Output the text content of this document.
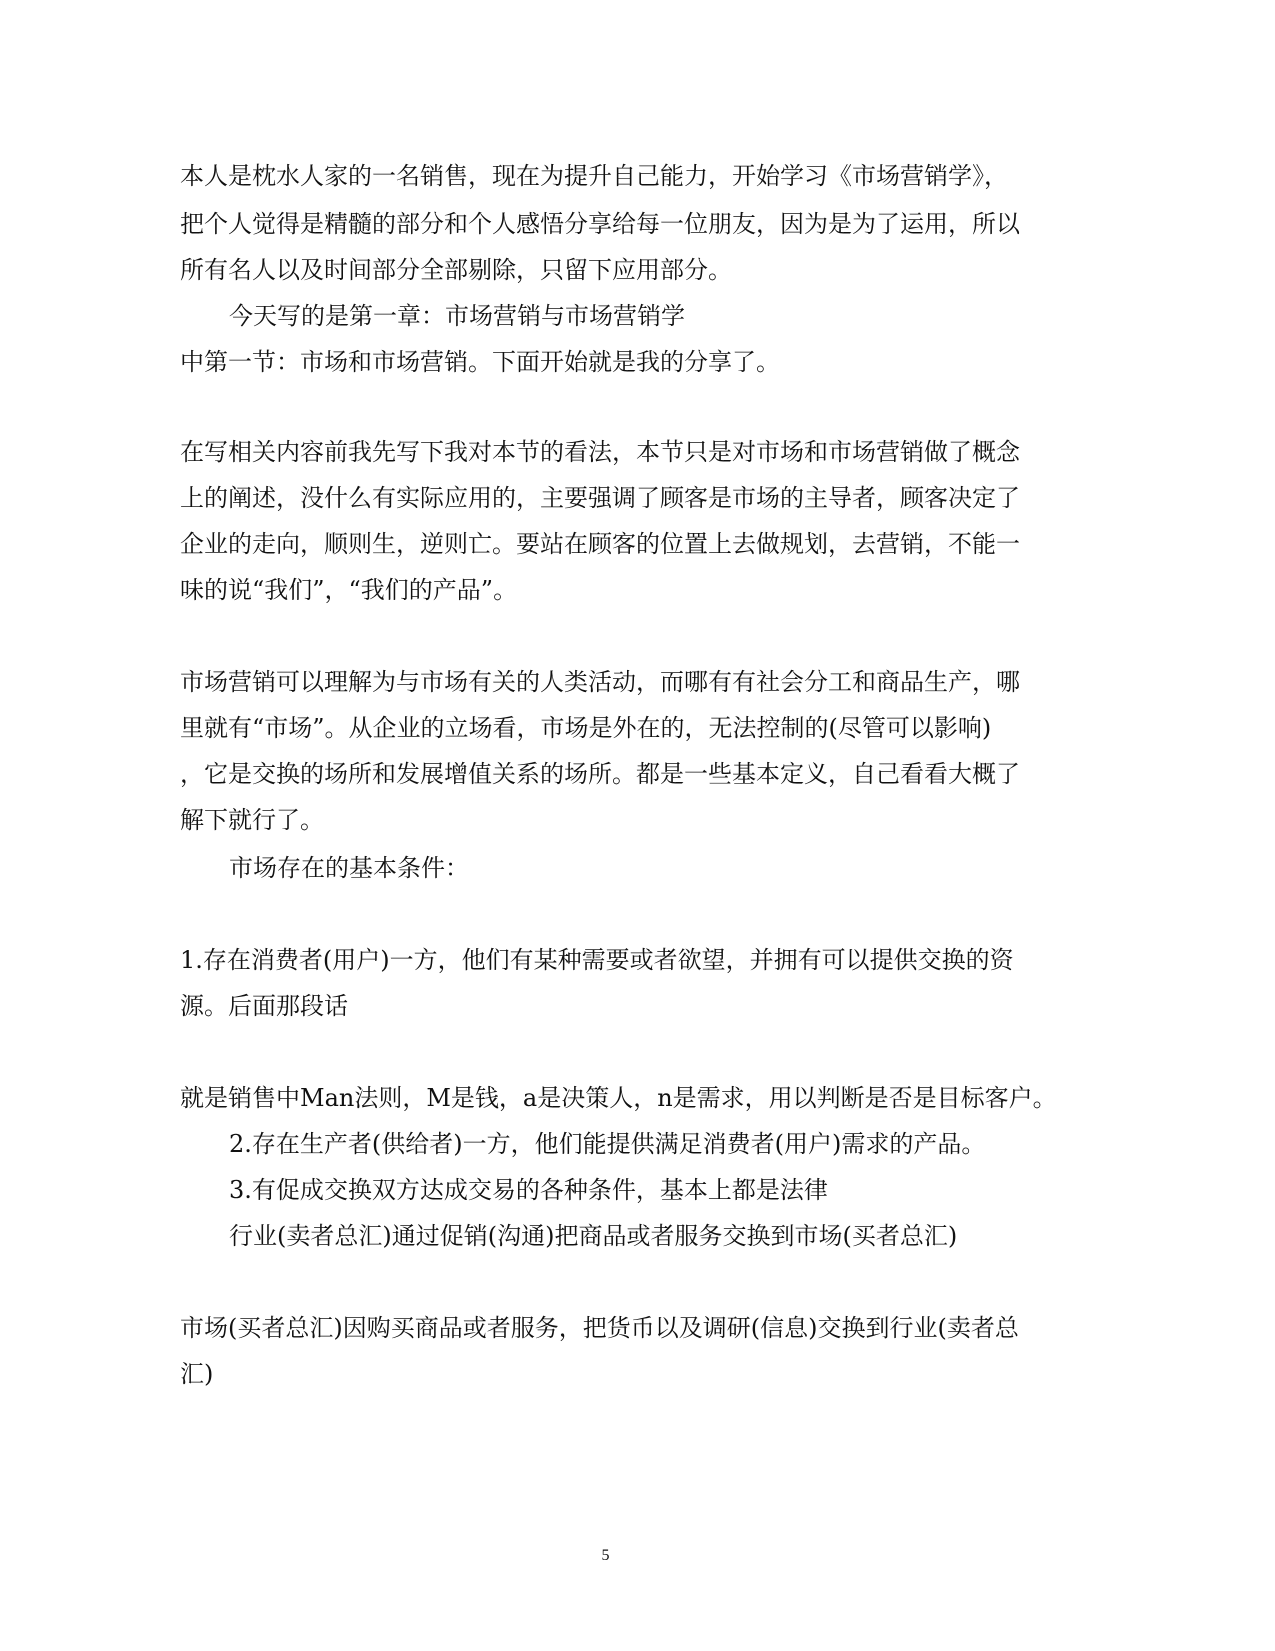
本人是枕水人家的一名销售，现在为提升自己能力，开始学习《市场营销学》，
把个人觉得是精髓的部分和个人感悟分享给每一位朋友，因为是为了运用，所以
所有名人以及时间部分全部剔除，只留下应用部分。
今天写的是第一章：市场营销与市场营销学
中第一节：市场和市场营销。下面开始就是我的分享了。
在写相关内容前我先写下我对本节的看法，本节只是对市场和市场营销做了概念
上的阐述，没什么有实际应用的，主要强调了顾客是市场的主导者，顾客决定了
企业的走向，顺则生，逆则亡。要站在顾客的位置上去做规划，去营销，不能一
味的说“我们”，“我们的产品”。
市场营销可以理解为与市场有关的人类活动，而哪有有社会分工和商品生产，哪
里就有“市场”。从企业的立场看，市场是外在的，无法控制的(尽管可以影响)
，它是交换的场所和发展增值关系的场所。都是一些基本定义，自己看看大概了
解下就行了。
市场存在的基本条件：
1.存在消费者(用户)一方，他们有某种需要或者欲望，并拥有可以提供交换的资
源。后面那段话
就是销售中Man法则，M是钱，a是决策人，n是需求，用以判断是否是目标客户。
2.存在生产者(供给者)一方，他们能提供满足消费者(用户)需求的产品。
3.有促成交换双方达成交易的各种条件，基本上都是法律
行业(卖者总汇)通过促销(沟通)把商品或者服务交换到市场(买者总汇)
市场(买者总汇)因购买商品或者服务，把货币以及调研(信息)交换到行业(卖者总
汇)
5
